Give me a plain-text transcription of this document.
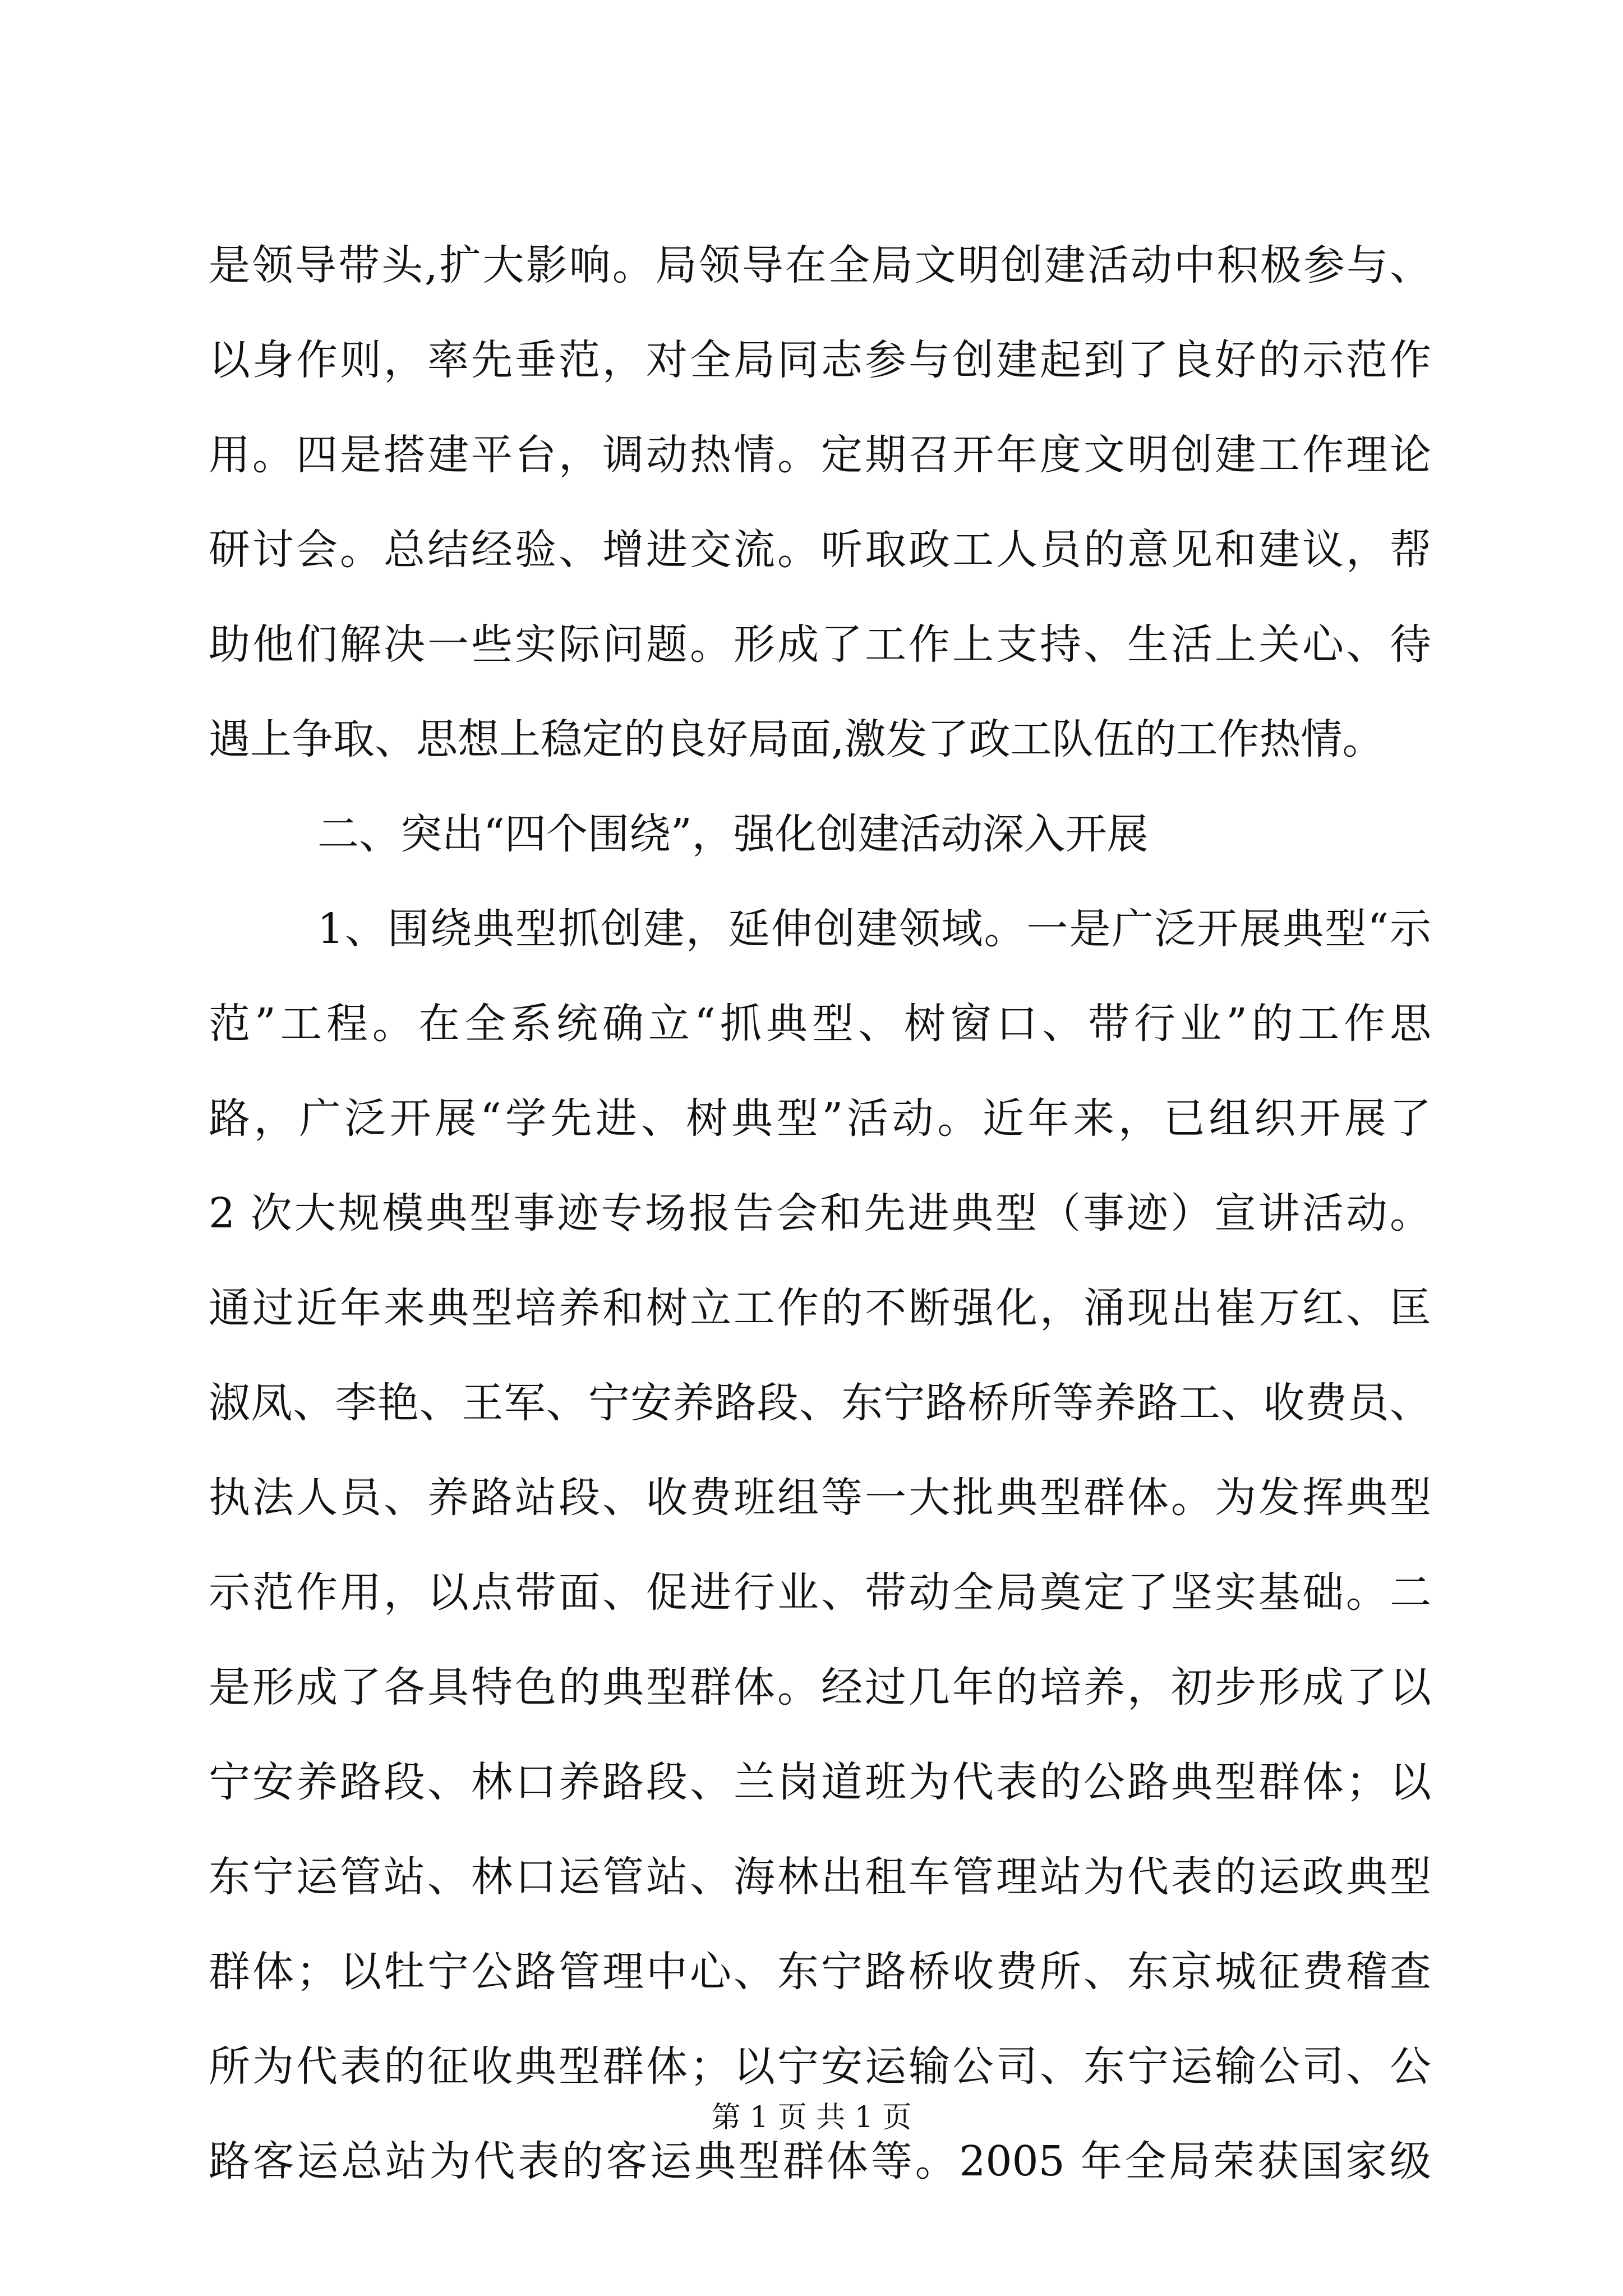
是领导带头,扩大影响。局领导在全局文明创建活动中积极参与、
以身作则，率先垂范，对全局同志参与创建起到了良好的示范作
用。四是搭建平台，调动热情。定期召开年度文明创建工作理论
研讨会。总结经验、增进交流。听取政工人员的意见和建议，帮
助他们解决一些实际问题。形成了工作上支持、生活上关心、待
遇上争取、思想上稳定的良好局面,激发了政工队伍的工作热情。
二、突出“四个围绕”，强化创建活动深入开展
1、围绕典型抓创建，延伸创建领域。一是广泛开展典型“示
范”工程。在全系统确立“抓典型、树窗口、带行业”的工作思
路，广泛开展“学先进、树典型”活动。近年来，已组织开展了
2 次大规模典型事迹专场报告会和先进典型（事迹）宣讲活动。
通过近年来典型培养和树立工作的不断强化，涌现出崔万红、匡
淑凤、李艳、王军、宁安养路段、东宁路桥所等养路工、收费员、
执法人员、养路站段、收费班组等一大批典型群体。为发挥典型
示范作用，以点带面、促进行业、带动全局奠定了坚实基础。二
是形成了各具特色的典型群体。经过几年的培养，初步形成了以
宁安养路段、林口养路段、兰岗道班为代表的公路典型群体；以
东宁运管站、林口运管站、海林出租车管理站为代表的运政典型
群体；以牡宁公路管理中心、东宁路桥收费所、东京城征费稽查
所为代表的征收典型群体；以宁安运输公司、东宁运输公司、公
路客运总站为代表的客运典型群体等。2005 年全局荣获国家级
第 1 页 共 1 页
